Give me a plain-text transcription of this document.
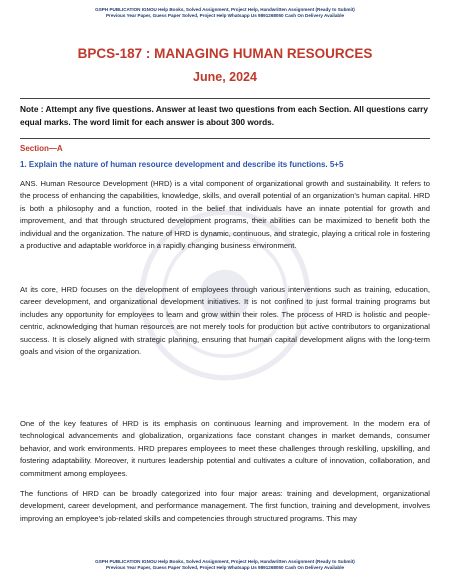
GSPH PUBLICATION IGNOU Help Books, Solved Assignment, Project Help, Handwritten Assignment (Ready to Submit)
Previous Year Paper, Guess Paper Solved, Project Help Whatsapp Us 9891268050 Cash On Delivery Available
BPCS-187 : MANAGING HUMAN RESOURCES
June, 2024
Note : Attempt any five questions. Answer at least two questions from each Section. All questions carry equal marks. The word limit for each answer is about 300 words.
Section—A
1. Explain the nature of human resource development and describe its functions. 5+5
ANS. Human Resource Development (HRD) is a vital component of organizational growth and sustainability. It refers to the process of enhancing the capabilities, knowledge, skills, and overall potential of an organization’s human capital. HRD is both a philosophy and a function, rooted in the belief that individuals have an innate potential for growth and improvement, and that through structured development programs, their abilities can be maximized to benefit both the individual and the organization. The nature of HRD is dynamic, continuous, and strategic, playing a critical role in fostering a productive and adaptable workforce in a rapidly changing business environment.
At its core, HRD focuses on the development of employees through various interventions such as training, education, career development, and organizational development initiatives. It is not confined to just formal training programs but includes any opportunity for employees to learn and grow within their roles. The process of HRD is holistic and people-centric, acknowledging that human resources are not merely tools for production but active contributors to organizational success. It is closely aligned with strategic planning, ensuring that human capital development aligns with the long-term goals and vision of the organization.
One of the key features of HRD is its emphasis on continuous learning and improvement. In the modern era of technological advancements and globalization, organizations face constant changes in market demands, consumer behavior, and work environments. HRD prepares employees to meet these challenges through reskilling, upskilling, and fostering adaptability. Moreover, it nurtures leadership potential and cultivates a culture of innovation, collaboration, and commitment among employees.
The functions of HRD can be broadly categorized into four major areas: training and development, organizational development, career development, and performance management. The first function, training and development, involves improving an employee’s job-related skills and competencies through structured programs. This may
GSPH PUBLICATION IGNOU Help Books, Solved Assignment, Project Help, Handwritten Assignment (Ready to Submit)
Previous Year Paper, Guess Paper Solved, Project Help Whatsapp Us 9891268050 Cash On Delivery Available
